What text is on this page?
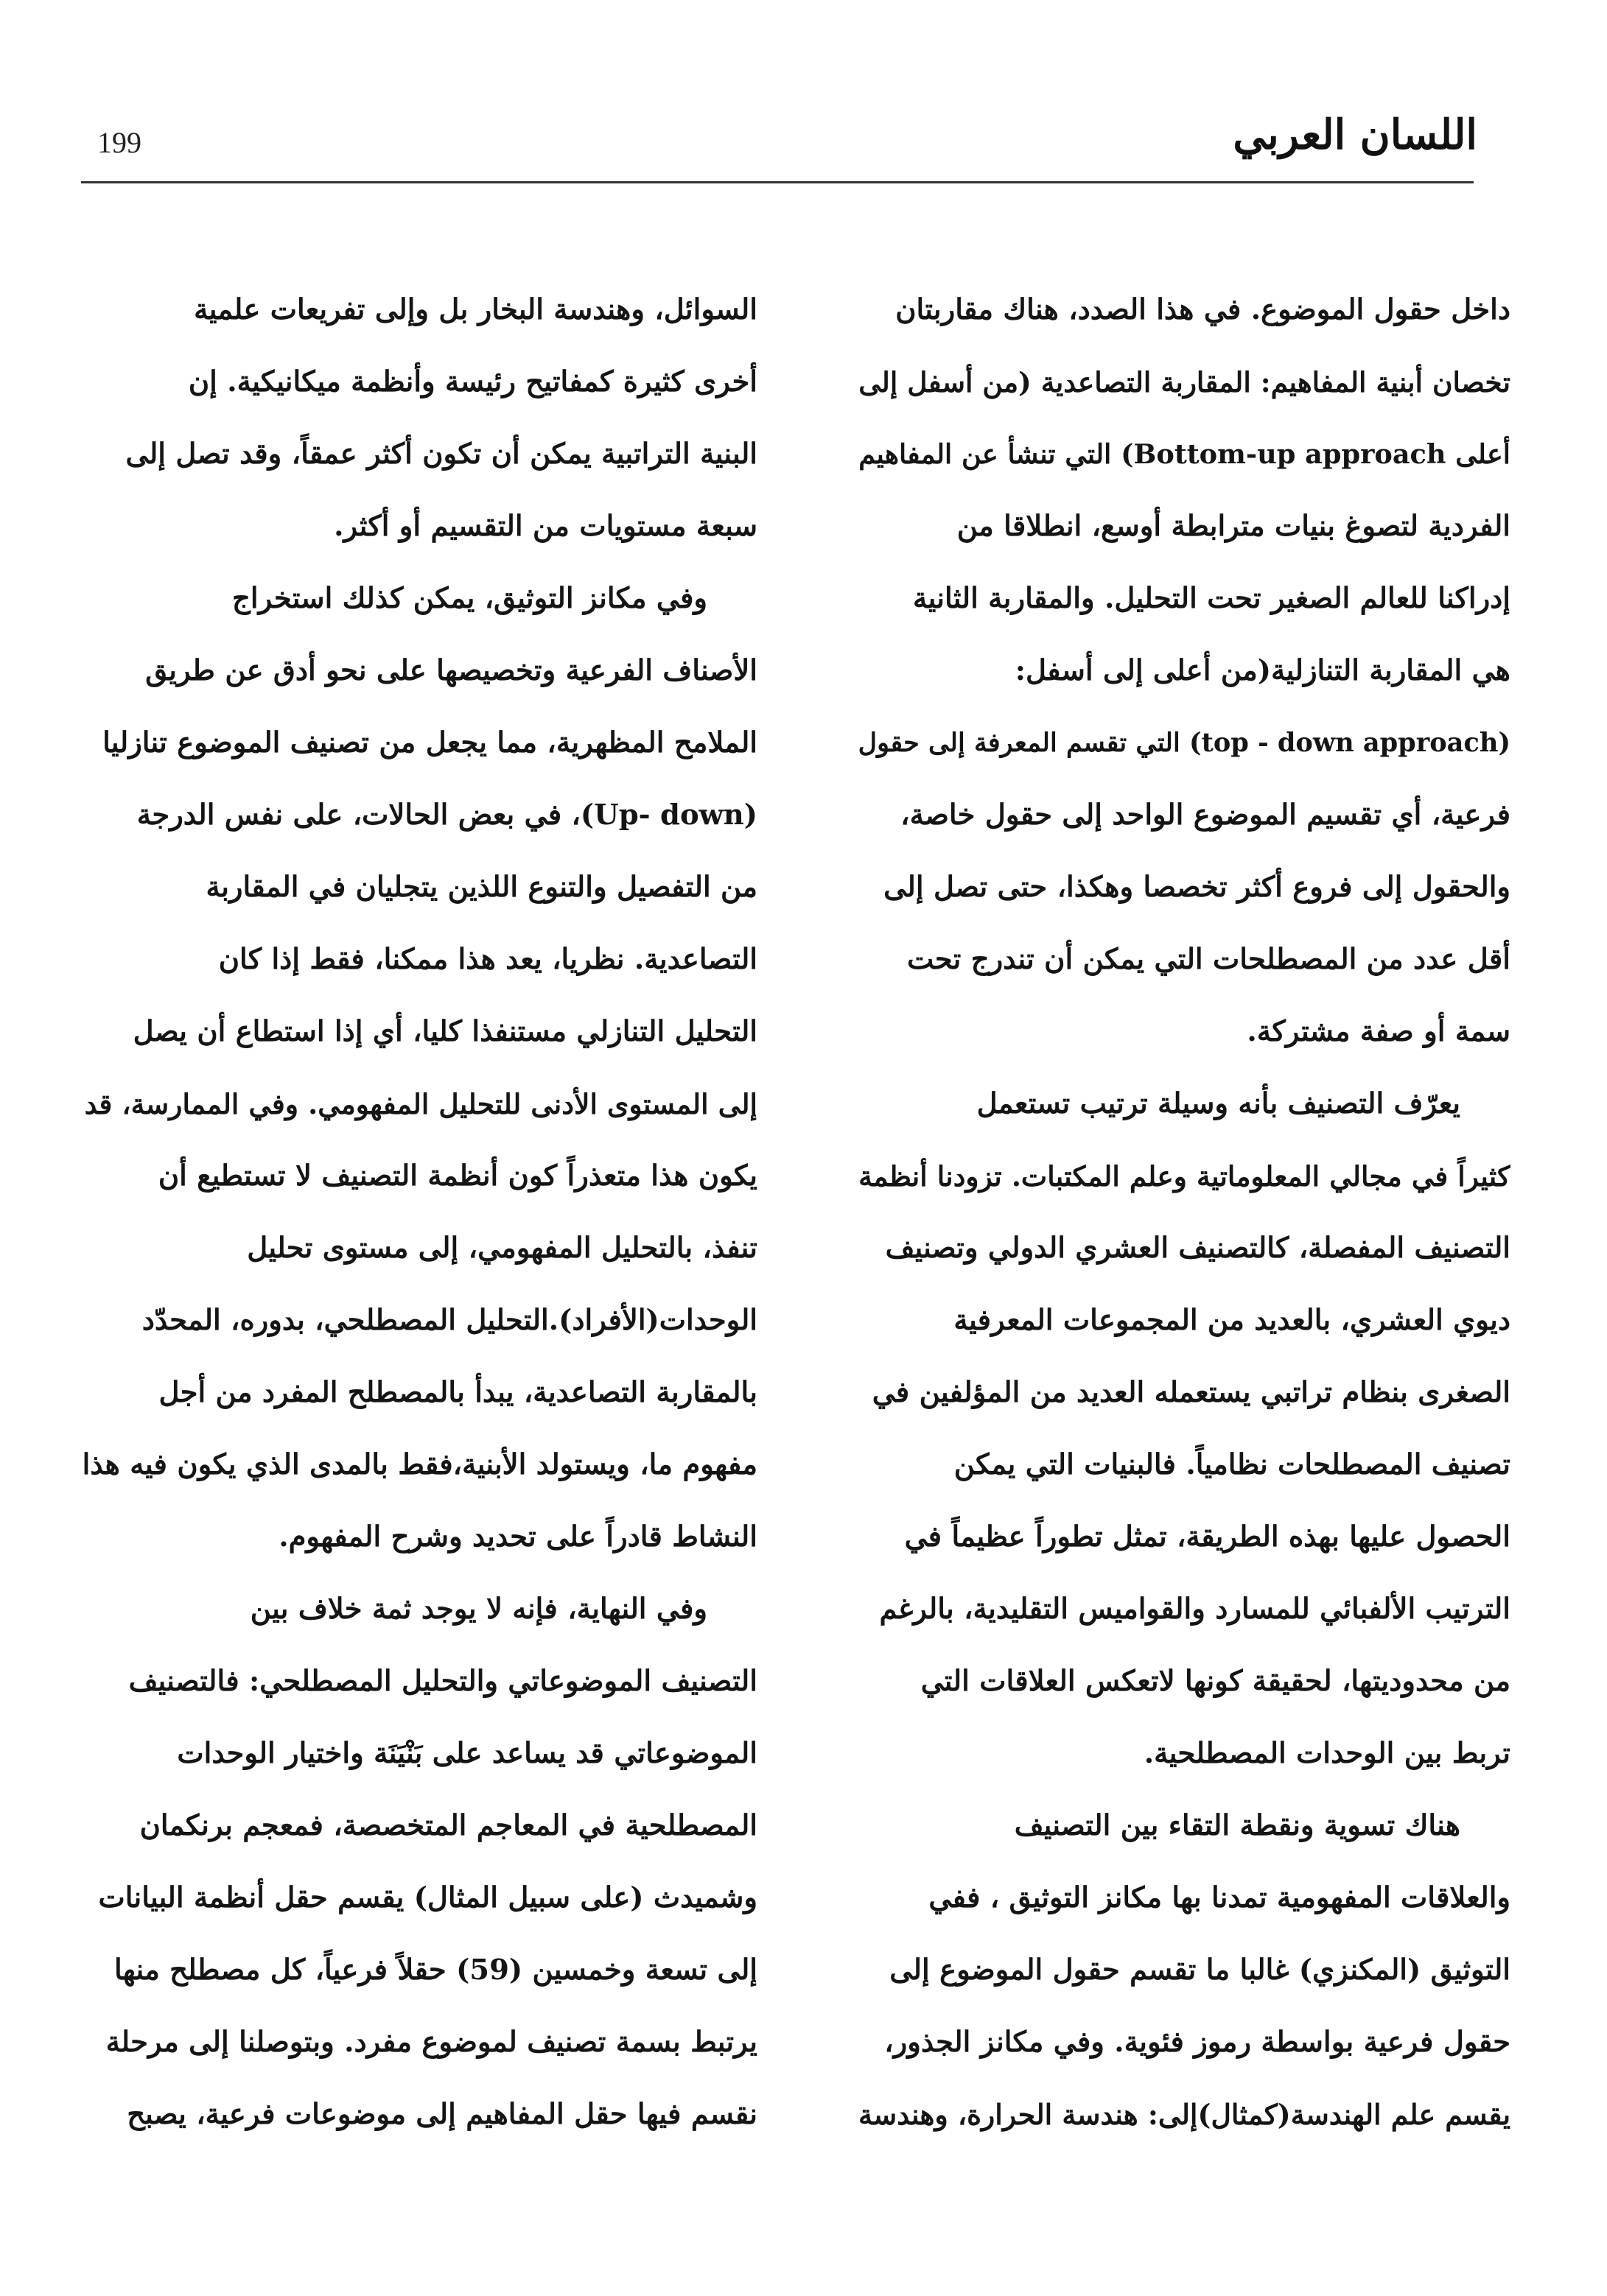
199	اللسان العربي
داخل حقول الموضوع. في هذا الصدد، هناك مقاربتان
تخصان أبنية المفاهيم: المقاربة التصاعدية (من أسفل إلى
أعلى Bottom-up approach) التي تنشأ عن المفاهيم
الفردية لتصوغ بنيات مترابطة أوسع، انطلاقا من
إدراكنا للعالم الصغير تحت التحليل. والمقاربة الثانية
هي المقاربة التنازلية(من أعلى إلى أسفل:
(top - down approach) التي تقسم المعرفة إلى حقول
فرعية، أي تقسيم الموضوع الواحد إلى حقول خاصة،
والحقول إلى فروع أكثر تخصصا وهكذا، حتى تصل إلى
أقل عدد من المصطلحات التي يمكن أن تندرج تحت
سمة أو صفة مشتركة.
يعرّف التصنيف بأنه وسيلة ترتيب تستعمل
كثيراً في مجالي المعلوماتية وعلم المكتبات. تزودنا أنظمة
التصنيف المفصلة، كالتصنيف العشري الدولي وتصنيف
ديوي العشري، بالعديد من المجموعات المعرفية
الصغرى بنظام تراتبي يستعمله العديد من المؤلفين في
تصنيف المصطلحات نظامياً. فالبنيات التي يمكن
الحصول عليها بهذه الطريقة، تمثل تطوراً عظيماً في
الترتيب الألفبائي للمسارد والقواميس التقليدية، بالرغم
من محدوديتها، لحقيقة كونها لاتعكس العلاقات التي
تربط بين الوحدات المصطلحية.
هناك تسوية ونقطة التقاء بين التصنيف
والعلاقات المفهومية تمدنا بها مكانز التوثيق ، ففي
التوثيق (المكنزي) غالبا ما تقسم حقول الموضوع إلى
حقول فرعية بواسطة رموز فئوية. وفي مكانز الجذور،
يقسم علم الهندسة(كمثال)إلى: هندسة الحرارة، وهندسة
السوائل، وهندسة البخار بل وإلى تفريعات علمية
أخرى كثيرة كمفاتيح رئيسة وأنظمة ميكانيكية. إن
البنية التراتبية يمكن أن تكون أكثر عمقاً، وقد تصل إلى
سبعة مستويات من التقسيم أو أكثر.
وفي مكانز التوثيق، يمكن كذلك استخراج
الأصناف الفرعية وتخصيصها على نحو أدق عن طريق
الملامح المظهرية، مما يجعل من تصنيف الموضوع تنازليا
(Up- down)، في بعض الحالات، على نفس الدرجة
من التفصيل والتنوع اللذين يتجليان في المقاربة
التصاعدية. نظريا، يعد هذا ممكنا، فقط إذا كان
التحليل التنازلي مستنفذا كليا، أي إذا استطاع أن يصل
إلى المستوى الأدنى للتحليل المفهومي. وفي الممارسة، قد
يكون هذا متعذراً كون أنظمة التصنيف لا تستطيع أن
تنفذ، بالتحليل المفهومي، إلى مستوى تحليل
الوحدات(الأفراد).التحليل المصطلحي، بدوره، المحدّد
بالمقاربة التصاعدية، يبدأ بالمصطلح المفرد من أجل
مفهوم ما، ويستولد الأبنية،فقط بالمدى الذي يكون فيه هذا
النشاط قادراً على تحديد وشرح المفهوم.
وفي النهاية، فإنه لا يوجد ثمة خلاف بين
التصنيف الموضوعاتي والتحليل المصطلحي: فالتصنيف
الموضوعاتي قد يساعد على بَنْيَنَة واختيار الوحدات
المصطلحية في المعاجم المتخصصة، فمعجم برنكمان
وشميدث (على سبيل المثال) يقسم حقل أنظمة البيانات
إلى تسعة وخمسين (59) حقلاً فرعياً، كل مصطلح منها
يرتبط بسمة تصنيف لموضوع مفرد. وبتوصلنا إلى مرحلة
نقسم فيها حقل المفاهيم إلى موضوعات فرعية، يصبح
